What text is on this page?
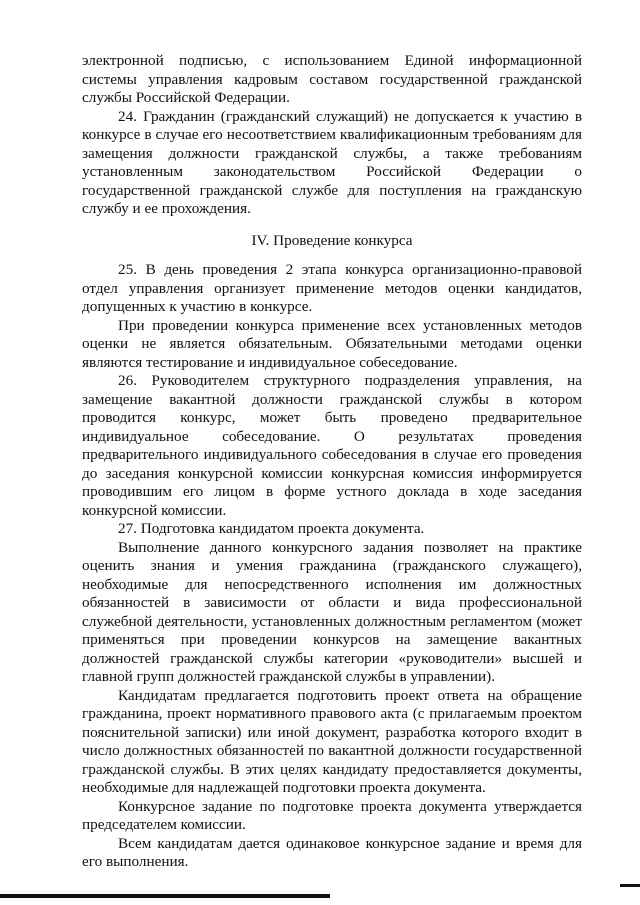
электронной подписью, с использованием Единой информационной системы управления кадровым составом государственной гражданской службы Российской Федерации.

24. Гражданин (гражданский служащий) не допускается к участию в конкурсе в случае его несоответствием квалификационным требованиям для замещения должности гражданской службы, а также требованиям установленным законодательством Российской Федерации о государственной гражданской службе для поступления на гражданскую службу и ее прохождения.

IV. Проведение конкурса

25. В день проведения 2 этапа конкурса организационно-правовой отдел управления организует применение методов оценки кандидатов, допущенных к участию в конкурсе.

При проведении конкурса применение всех установленных методов оценки не является обязательным. Обязательными методами оценки являются тестирование и индивидуальное собеседование.

26. Руководителем структурного подразделения управления, на замещение вакантной должности гражданской службы в котором проводится конкурс, может быть проведено предварительное индивидуальное собеседование. О результатах проведения предварительного индивидуального собеседования в случае его проведения до заседания конкурсной комиссии конкурсная комиссия информируется проводившим его лицом в форме устного доклада в ходе заседания конкурсной комиссии.

27. Подготовка кандидатом проекта документа.

Выполнение данного конкурсного задания позволяет на практике оценить знания и умения гражданина (гражданского служащего), необходимые для непосредственного исполнения им должностных обязанностей в зависимости от области и вида профессиональной служебной деятельности, установленных должностным регламентом (может применяться при проведении конкурсов на замещение вакантных должностей гражданской службы категории «руководители» высшей и главной групп должностей гражданской службы в управлении).

Кандидатам предлагается подготовить проект ответа на обращение гражданина, проект нормативного правового акта (с прилагаемым проектом пояснительной записки) или иной документ, разработка которого входит в число должностных обязанностей по вакантной должности государственной гражданской службы. В этих целях кандидату предоставляется документы, необходимые для надлежащей подготовки проекта документа.

Конкурсное задание по подготовке проекта документа утверждается председателем комиссии.

Всем кандидатам дается одинаковое конкурсное задание и время для его выполнения.
